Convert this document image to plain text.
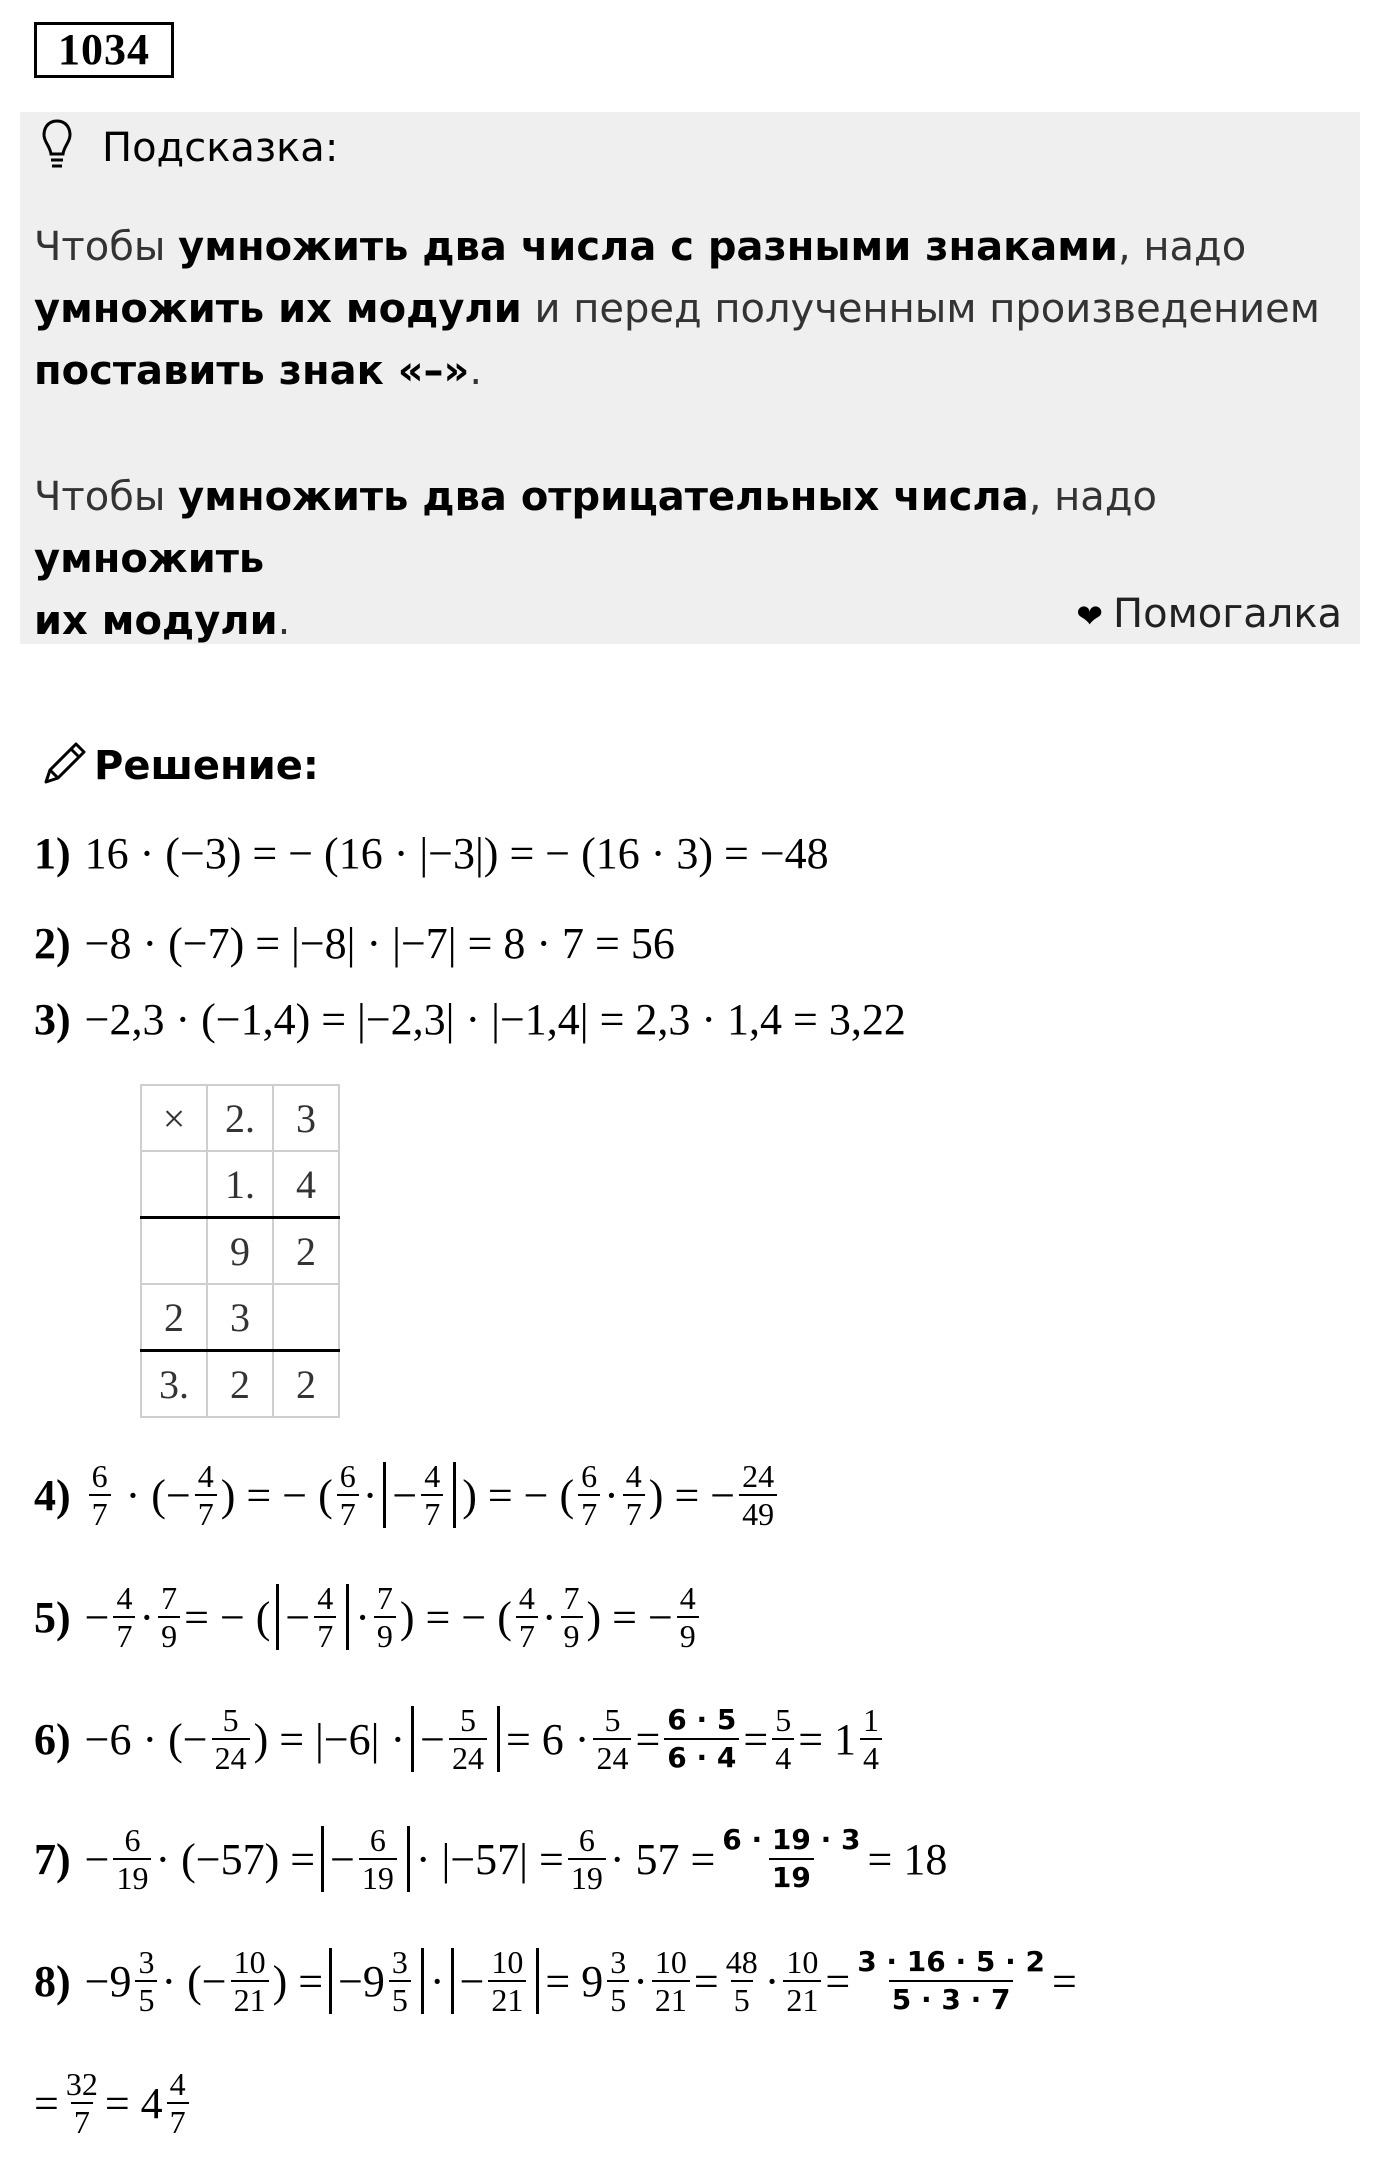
1034
Подсказка:
Чтобы умножить два числа с разными знаками, надо
умножить их модули и перед полученным произведением
поставить знак «–».
Чтобы умножить два отрицательных числа, надо умножить
их модули.	❤ Помогалка
Решение:
1) 16 · (−3) = − (16 · |−3|) = − (16 · 3) = −48
2) −8 · (−7) = |−8| · |−7| = 8 · 7 = 56
3) −2,3 · (−1,4) = |−2,3| · |−1,4| = 2,3 · 1,4 = 3,22
×	2.	3
	1.	4
	9	2
2	3	
3.	2	2
$4) \frac{6}{7}$ · (− $\frac{4}{7}$ ) = − ( $\frac{6}{7}$ · − $\frac{4}{7}$ ) = − ( $\frac{6}{7} \cdot \frac{4}{7}$ ) = − $\frac{24}{49}$
$5) - \frac{4}{7} \cdot \frac{7}{9}$ = − ( − $\frac{4}{7} \cdot \frac{7}{9}$ ) = − ( $\frac{4}{7} \cdot \frac{7}{9}$ ) = − $\frac{4}{9}$
6) −6 · (− $\frac{5}{24}$ ) = |−6| · − $\frac{5}{24} = 6 \cdot \frac{5}{24} = \frac{6 \cdot 5}{6 \cdot 4} = \frac{5}{4} = 1 \frac{1}{4}$
$7) - \frac{6}{19} \cdot (-57)$ = − $\frac{6}{19} \cdot |-57| = \frac{6}{19} \cdot 57 = \frac{6 \cdot 19 \cdot 3}{19} = 18$
$8) -9 \frac{3}{5}$ · (− $\frac{10}{21}$ ) = $-9 \frac{3}{5}$ · − $\frac{10}{21} = 9 \frac{3}{5} \cdot \frac{10}{21} = \frac{48}{5} \cdot \frac{10}{21} = \frac{3 \cdot 16 \cdot 5 \cdot 2}{5 \cdot 3 \cdot 7}$ =
= $\frac{32}{7} = 4 \frac{4}{7}$
